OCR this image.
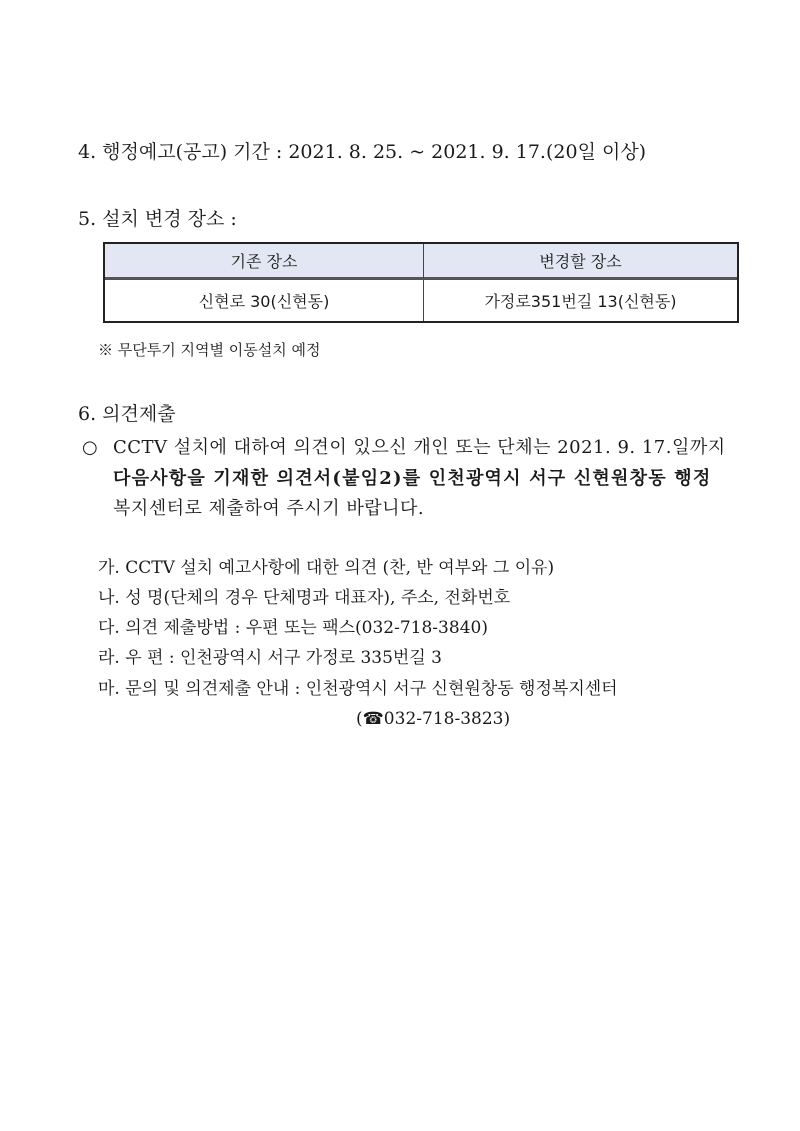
4. 행정예고(공고) 기간 : 2021. 8. 25. ~ 2021. 9. 17.(20일 이상)
5. 설치 변경 장소 :
기존 장소	변경할 장소
신현로 30(신현동)	가정로351번길 13(신현동)
※ 무단투기 지역별 이동설치 예정
6. 의견제출
○ CCTV 설치에 대하여 의견이 있으신 개인 또는 단체는 2021. 9. 17.일까지
다음사항을 기재한 의견서(붙임2)를 인천광역시 서구 신현원창동 행정
복지센터로 제출하여 주시기 바랍니다.
가. CCTV 설치 예고사항에 대한 의견 (찬, 반 여부와 그 이유)
나. 성 명(단체의 경우 단체명과 대표자), 주소, 전화번호
다. 의견 제출방법 : 우편 또는 팩스(032-718-3840)
라. 우 편 : 인천광역시 서구 가정로 335번길 3
마. 문의 및 의견제출 안내 : 인천광역시 서구 신현원창동 행정복지센터
(☎032-718-3823)
